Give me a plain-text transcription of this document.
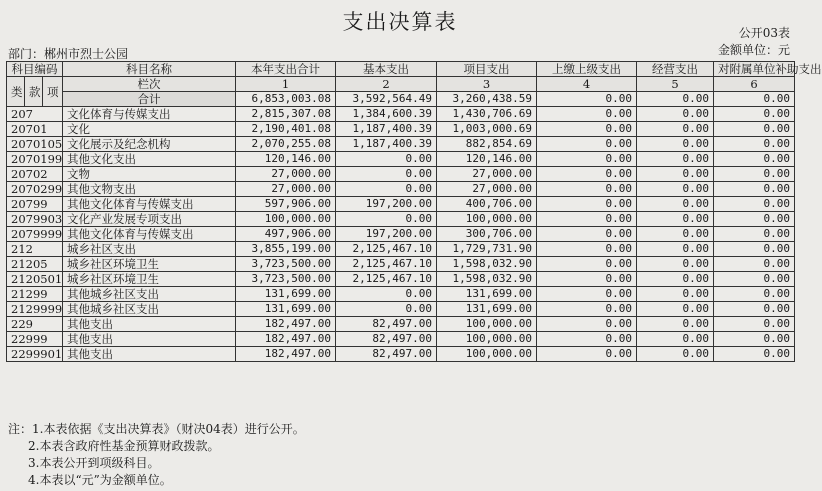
支出决算表	公开03表
部门：郴州市烈士公园	金额单位：元
科目编码			科目名称	本年支出合计	基本支出	项目支出	上缴上级支出	经营支出	对附属单位补助支出
类	款	项	栏次	1	2	3	4	5	6
			合计	6,853,003.08	3,592,564.49	3,260,438.59	0.00	0.00	0.00
207			文化体育与传媒支出	2,815,307.08	1,384,600.39	1,430,706.69	0.00	0.00	0.00
20701			文化	2,190,401.08	1,187,400.39	1,003,000.69	0.00	0.00	0.00
2070105			文化展示及纪念机构	2,070,255.08	1,187,400.39	882,854.69	0.00	0.00	0.00
2070199			其他文化支出	120,146.00	0.00	120,146.00	0.00	0.00	0.00
20702			文物	27,000.00	0.00	27,000.00	0.00	0.00	0.00
2070299			其他文物支出	27,000.00	0.00	27,000.00	0.00	0.00	0.00
20799			其他文化体育与传媒支出	597,906.00	197,200.00	400,706.00	0.00	0.00	0.00
2079903			文化产业发展专项支出	100,000.00	0.00	100,000.00	0.00	0.00	0.00
2079999			其他文化体育与传媒支出	497,906.00	197,200.00	300,706.00	0.00	0.00	0.00
212			城乡社区支出	3,855,199.00	2,125,467.10	1,729,731.90	0.00	0.00	0.00
21205			城乡社区环境卫生	3,723,500.00	2,125,467.10	1,598,032.90	0.00	0.00	0.00
2120501			城乡社区环境卫生	3,723,500.00	2,125,467.10	1,598,032.90	0.00	0.00	0.00
21299			其他城乡社区支出	131,699.00	0.00	131,699.00	0.00	0.00	0.00
2129999			其他城乡社区支出	131,699.00	0.00	131,699.00	0.00	0.00	0.00
229			其他支出	182,497.00	82,497.00	100,000.00	0.00	0.00	0.00
22999			其他支出	182,497.00	82,497.00	100,000.00	0.00	0.00	0.00
2299901			其他支出	182,497.00	82,497.00	100,000.00	0.00	0.00	0.00
注：1.本表依据《支出决算表》（财决04表）进行公开。
2.本表含政府性基金预算财政拨款。
3.本表公开到项级科目。
4.本表以“元”为金额单位。
